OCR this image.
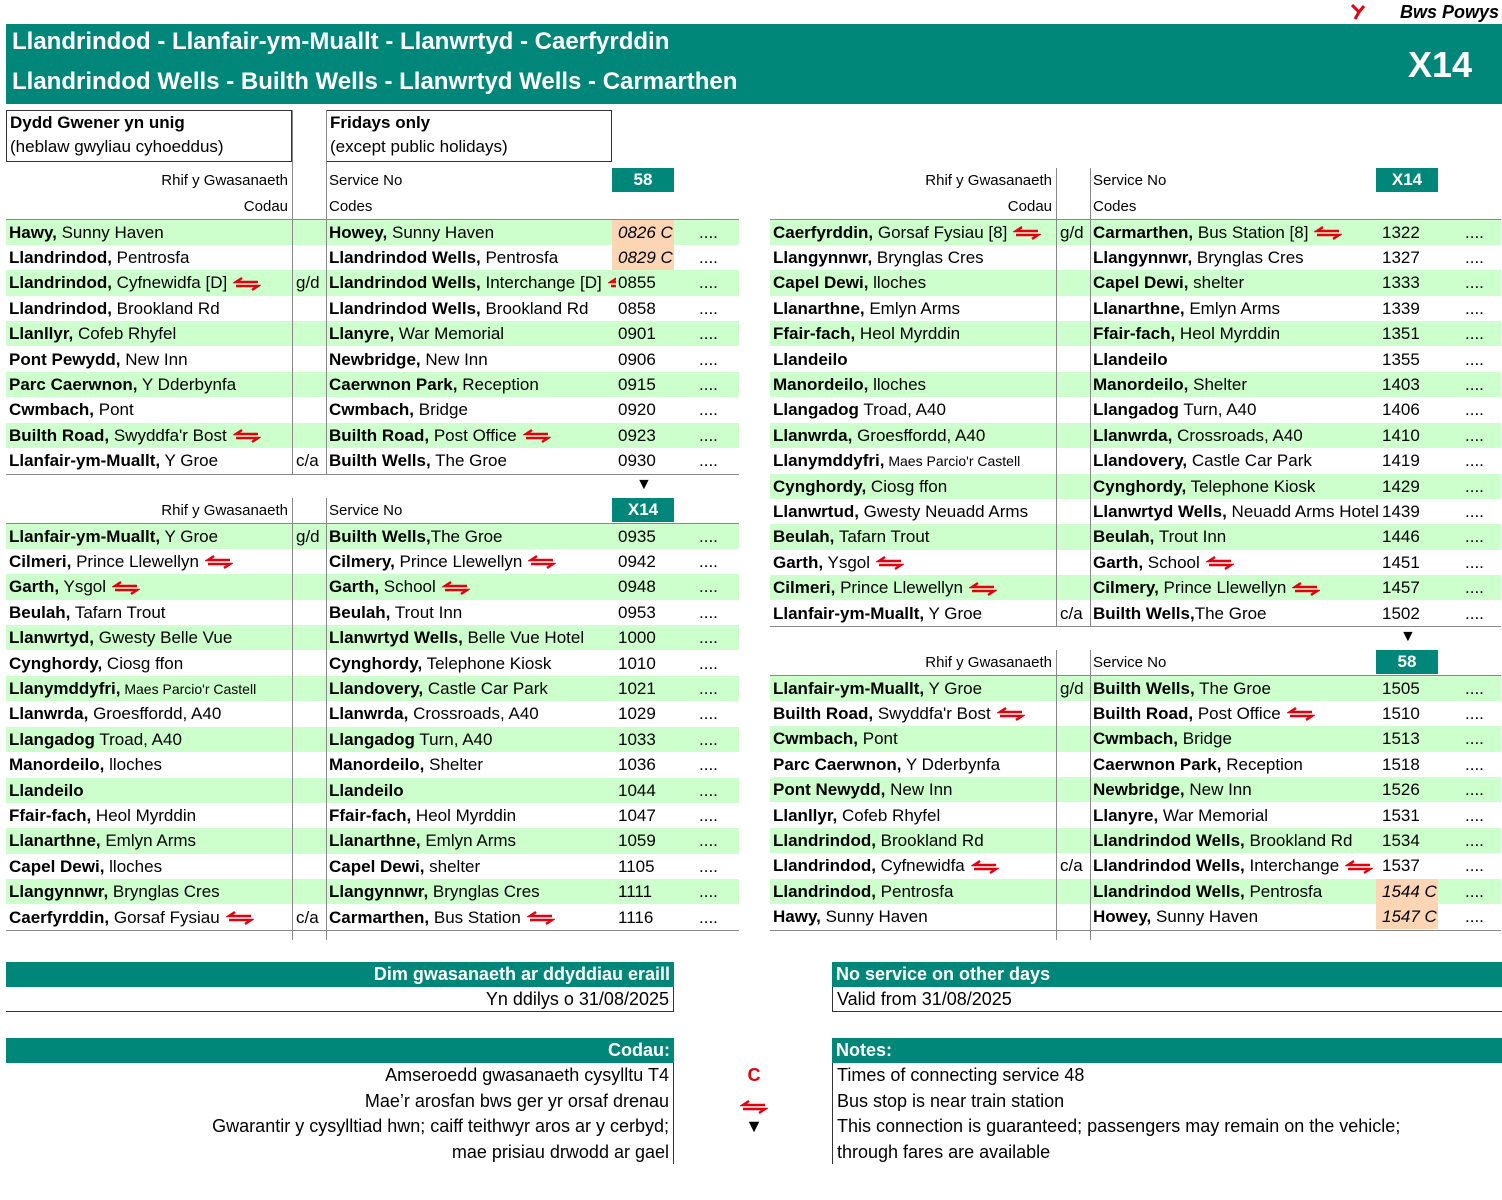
Bws Powys
Llandrindod - Llanfair-ym-Muallt - Llanwrtyd - Caerfyrddin
Llandrindod Wells - Builth Wells - Llanwrtyd Wells - Carmarthen	X14
Dydd Gwener yn unig
(heblaw gwyliau cyhoeddus)
Fridays only
(except public holidays)
Rhif y Gwasanaeth	Service No	58
Codau	Codes
Hawy, Sunny Haven	Howey, Sunny Haven	0826 C ....
Llandrindod, Pentrosfa	Llandrindod Wells, Pentrosfa	0829 C ....
Llandrindod, Cyfnewidfa [D]	g/d Llandrindod Wells, Interchange [D] 0855	....
Llandrindod, Brookland Rd	Llandrindod Wells, Brookland Rd	0858	....
Llanllyr, Cofeb Rhyfel	Llanyre, War Memorial	0901	....
Pont Pewydd, New Inn	Newbridge, New Inn	0906	....
Parc Caerwnon, Y Dderbynfa	Caerwnon Park, Reception	0915	....
Cwmbach, Pont	Cwmbach, Bridge	0920	....
Builth Road, Swyddfa'r Bost	Builth Road, Post Office	0923	....
Llanfair-ym-Muallt, Y Groe	c/a Builth Wells, The Groe	0930	....
▼
Rhif y Gwasanaeth	Service No	X14
Llanfair-ym-Muallt, Y Groe	g/d Builth Wells,The Groe	0935	....
Cilmeri, Prince Llewellyn	Cilmery, Prince Llewellyn	0942	....
Garth, Ysgol	Garth, School	0948	....
Beulah, Tafarn Trout	Beulah, Trout Inn	0953	....
Llanwrtyd, Gwesty Belle Vue	Llanwrtyd Wells, Belle Vue Hotel	1000	....
Cynghordy, Ciosg ffon	Cynghordy, Telephone Kiosk	1010	....
Llanymddyfri, Maes Parcio'r Castell	Llandovery, Castle Car Park	1021	....
Llanwrda, Groesffordd, A40	Llanwrda, Crossroads, A40	1029	....
Llangadog Troad, A40	Llangadog Turn, A40	1033	....
Manordeilo, lloches	Manordeilo, Shelter	1036	....
Llandeilo	Llandeilo	1044	....
Ffair-fach, Heol Myrddin	Ffair-fach, Heol Myrddin	1047	....
Llanarthne, Emlyn Arms	Llanarthne, Emlyn Arms	1059	....
Capel Dewi, lloches	Capel Dewi, shelter	1105	....
Llangynnwr, Brynglas Cres	Llangynnwr, Brynglas Cres	1111	....
Caerfyrddin, Gorsaf Fysiau	c/a Carmarthen, Bus Station	1116	....
Rhif y Gwasanaeth	Service No	X14
Codau	Codes
Caerfyrddin, Gorsaf Fysiau [8]	g/d Carmarthen, Bus Station [8]	1322	....
Llangynnwr, Brynglas Cres	Llangynnwr, Brynglas Cres	1327	....
Capel Dewi, lloches	Capel Dewi, shelter	1333	....
Llanarthne, Emlyn Arms	Llanarthne, Emlyn Arms	1339	....
Ffair-fach, Heol Myrddin	Ffair-fach, Heol Myrddin	1351	....
Llandeilo	Llandeilo	1355	....
Manordeilo, lloches	Manordeilo, Shelter	1403	....
Llangadog Troad, A40	Llangadog Turn, A40	1406	....
Llanwrda, Groesffordd, A40	Llanwrda, Crossroads, A40	1410	....
Llanymddyfri, Maes Parcio'r Castell	Llandovery, Castle Car Park	1419	....
Cynghordy, Ciosg ffon	Cynghordy, Telephone Kiosk	1429	....
Llanwrtud, Gwesty Neuadd Arms	Llanwrtyd Wells, Neuadd Arms Hotel 1439	....
Beulah, Tafarn Trout	Beulah, Trout Inn	1446	....
Garth, Ysgol	Garth, School	1451	....
Cilmeri, Prince Llewellyn	Cilmery, Prince Llewellyn	1457	....
Llanfair-ym-Muallt, Y Groe	c/a Builth Wells,The Groe	1502	....
▼
Rhif y Gwasanaeth	Service No	58
Llanfair-ym-Muallt, Y Groe	g/d Builth Wells, The Groe	1505	....
Builth Road, Swyddfa'r Bost	Builth Road, Post Office	1510	....
Cwmbach, Pont	Cwmbach, Bridge	1513	....
Parc Caerwnon, Y Dderbynfa	Caerwnon Park, Reception	1518	....
Pont Newydd, New Inn	Newbridge, New Inn	1526	....
Llanllyr, Cofeb Rhyfel	Llanyre, War Memorial	1531	....
Llandrindod, Brookland Rd	Llandrindod Wells, Brookland Rd	1534	....
Llandrindod, Cyfnewidfa	c/a Llandrindod Wells, Interchange	1537	....
Llandrindod, Pentrosfa	Llandrindod Wells, Pentrosfa	1544 C ....
Hawy, Sunny Haven	Howey, Sunny Haven	1547 C ....
Dim gwasanaeth ar ddyddiau eraill
Yn ddilys o 31/08/2025
No service on other days
Valid from 31/08/2025
Codau:	Notes:
Amseroedd gwasanaeth cysylltu T4
Mae’r arosfan bws ger yr orsaf drenau
Gwarantir y cysylltiad hwn; caiff teithwyr aros ar y cerbyd;
mae prisiau drwodd ar gael
C
▼
Times of connecting service 48
Bus stop is near train station
This connection is guaranteed; passengers may remain on the vehicle;
through fares are available
